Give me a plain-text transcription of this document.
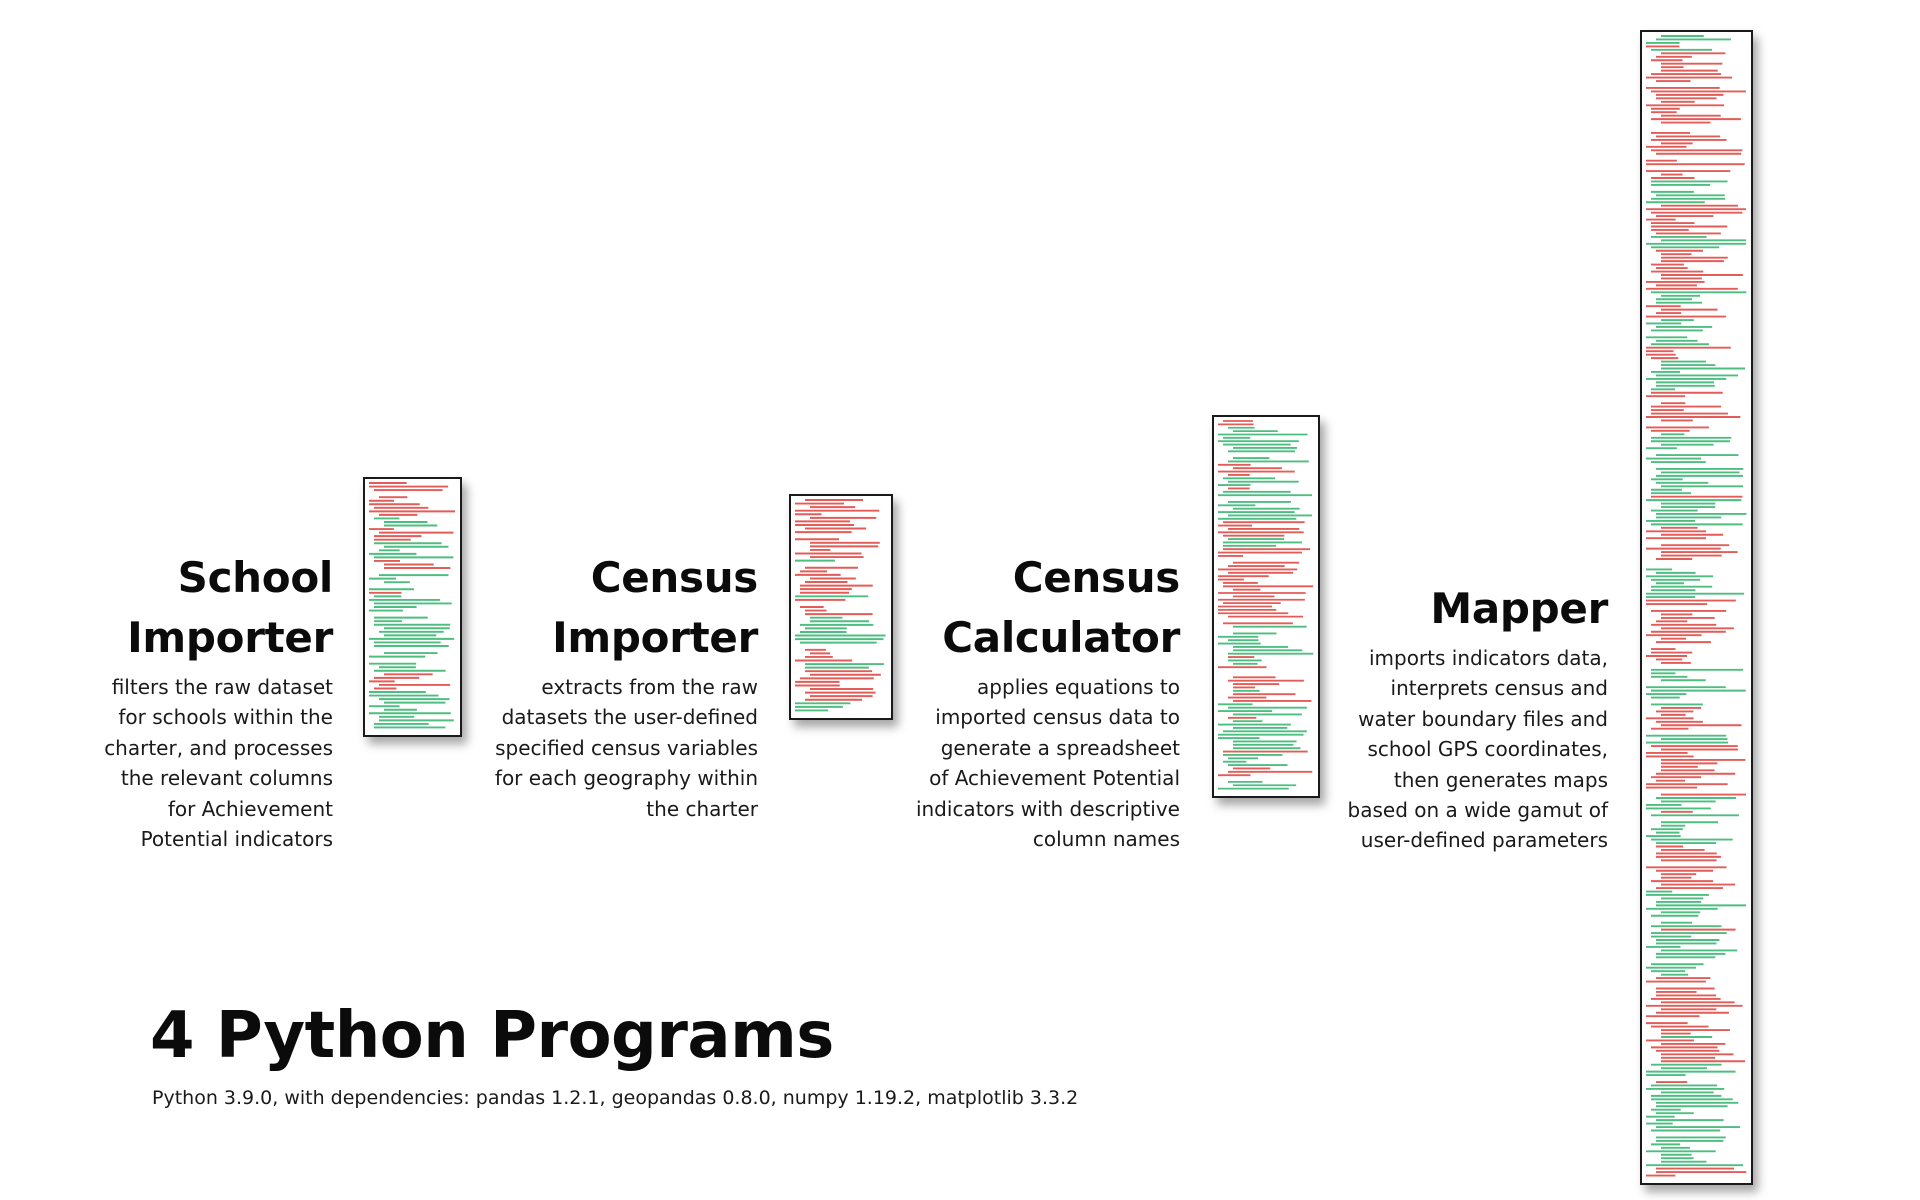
School
Importer

filters the raw dataset
for schools within the
charter, and processes
the relevant columns
for Achievement
Potential indicators

Census
Importer

extracts from the raw
datasets the user-defined
specified census variables
for each geography within
the charter

Census
Calculator

applies equations to
imported census data to
generate a spreadsheet
of Achievement Potential
indicators with descriptive
column names

Mapper

imports indicators data,
interprets census and
water boundary files and
school GPS coordinates,
then generates maps
based on a wide gamut of
user-defined parameters

4 Python Programs

Python 3.9.0, with dependencies: pandas 1.2.1, geopandas 0.8.0, numpy 1.19.2, matplotlib 3.3.2
